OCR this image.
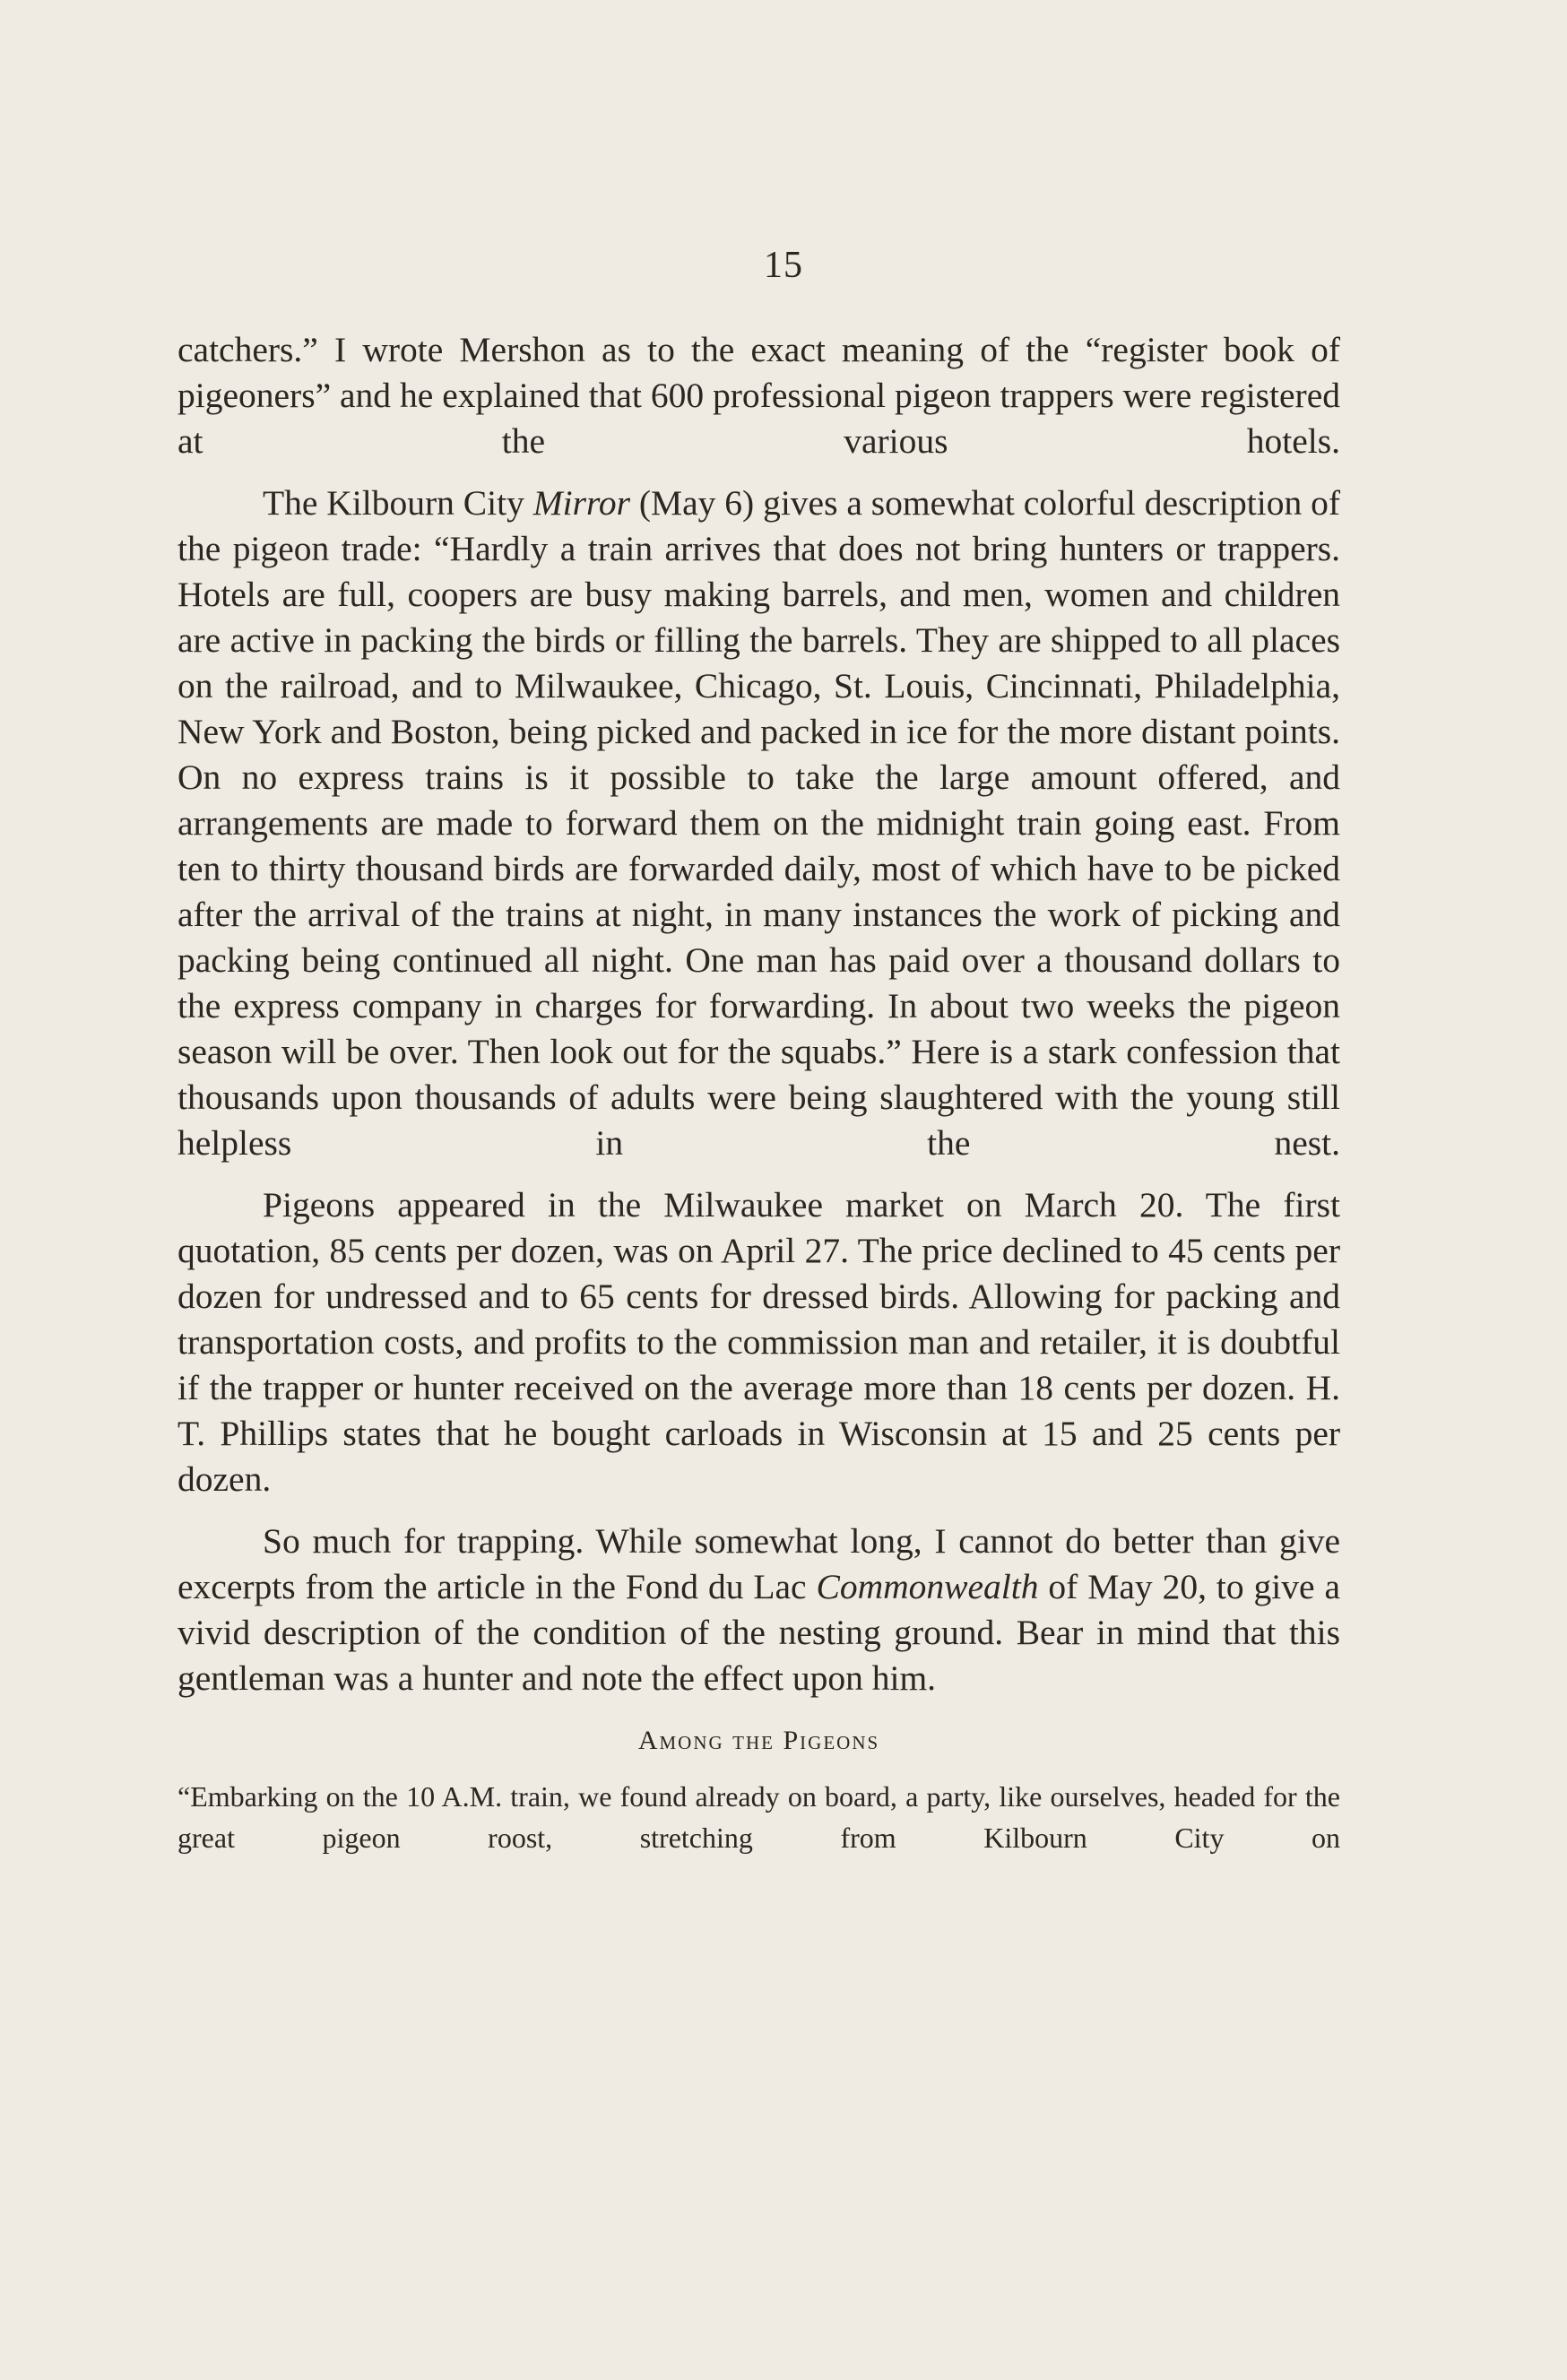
15

catchers.” I wrote Mershon as to the exact meaning of the “register book of pigeoners” and he explained that 600 professional pigeon trappers were registered at the various hotels.

The Kilbourn City Mirror (May 6) gives a somewhat colorful description of the pigeon trade: “Hardly a train arrives that does not bring hunters or trappers. Hotels are full, coopers are busy making barrels, and men, women and children are active in packing the birds or filling the barrels. They are shipped to all places on the railroad, and to Milwaukee, Chicago, St. Louis, Cincinnati, Philadelphia, New York and Boston, being picked and packed in ice for the more distant points. On no express trains is it possible to take the large amount offered, and arrangements are made to forward them on the midnight train going east. From ten to thirty thousand birds are forwarded daily, most of which have to be picked after the arrival of the trains at night, in many instances the work of picking and packing being continued all night. One man has paid over a thousand dollars to the express company in charges for forwarding. In about two weeks the pigeon season will be over. Then look out for the squabs.” Here is a stark confession that thousands upon thousands of adults were being slaughtered with the young still helpless in the nest.

Pigeons appeared in the Milwaukee market on March 20. The first quotation, 85 cents per dozen, was on April 27. The price declined to 45 cents per dozen for undressed and to 65 cents for dressed birds. Allowing for packing and transportation costs, and profits to the commission man and retailer, it is doubtful if the trapper or hunter received on the average more than 18 cents per dozen. H. T. Phillips states that he bought carloads in Wisconsin at 15 and 25 cents per dozen.

So much for trapping. While somewhat long, I cannot do better than give excerpts from the article in the Fond du Lac Commonwealth of May 20, to give a vivid description of the condition of the nesting ground. Bear in mind that this gentleman was a hunter and note the effect upon him.

Among the Pigeons

“Embarking on the 10 A.M. train, we found already on board, a party, like ourselves, headed for the great pigeon roost, stretching from Kilbourn City on
